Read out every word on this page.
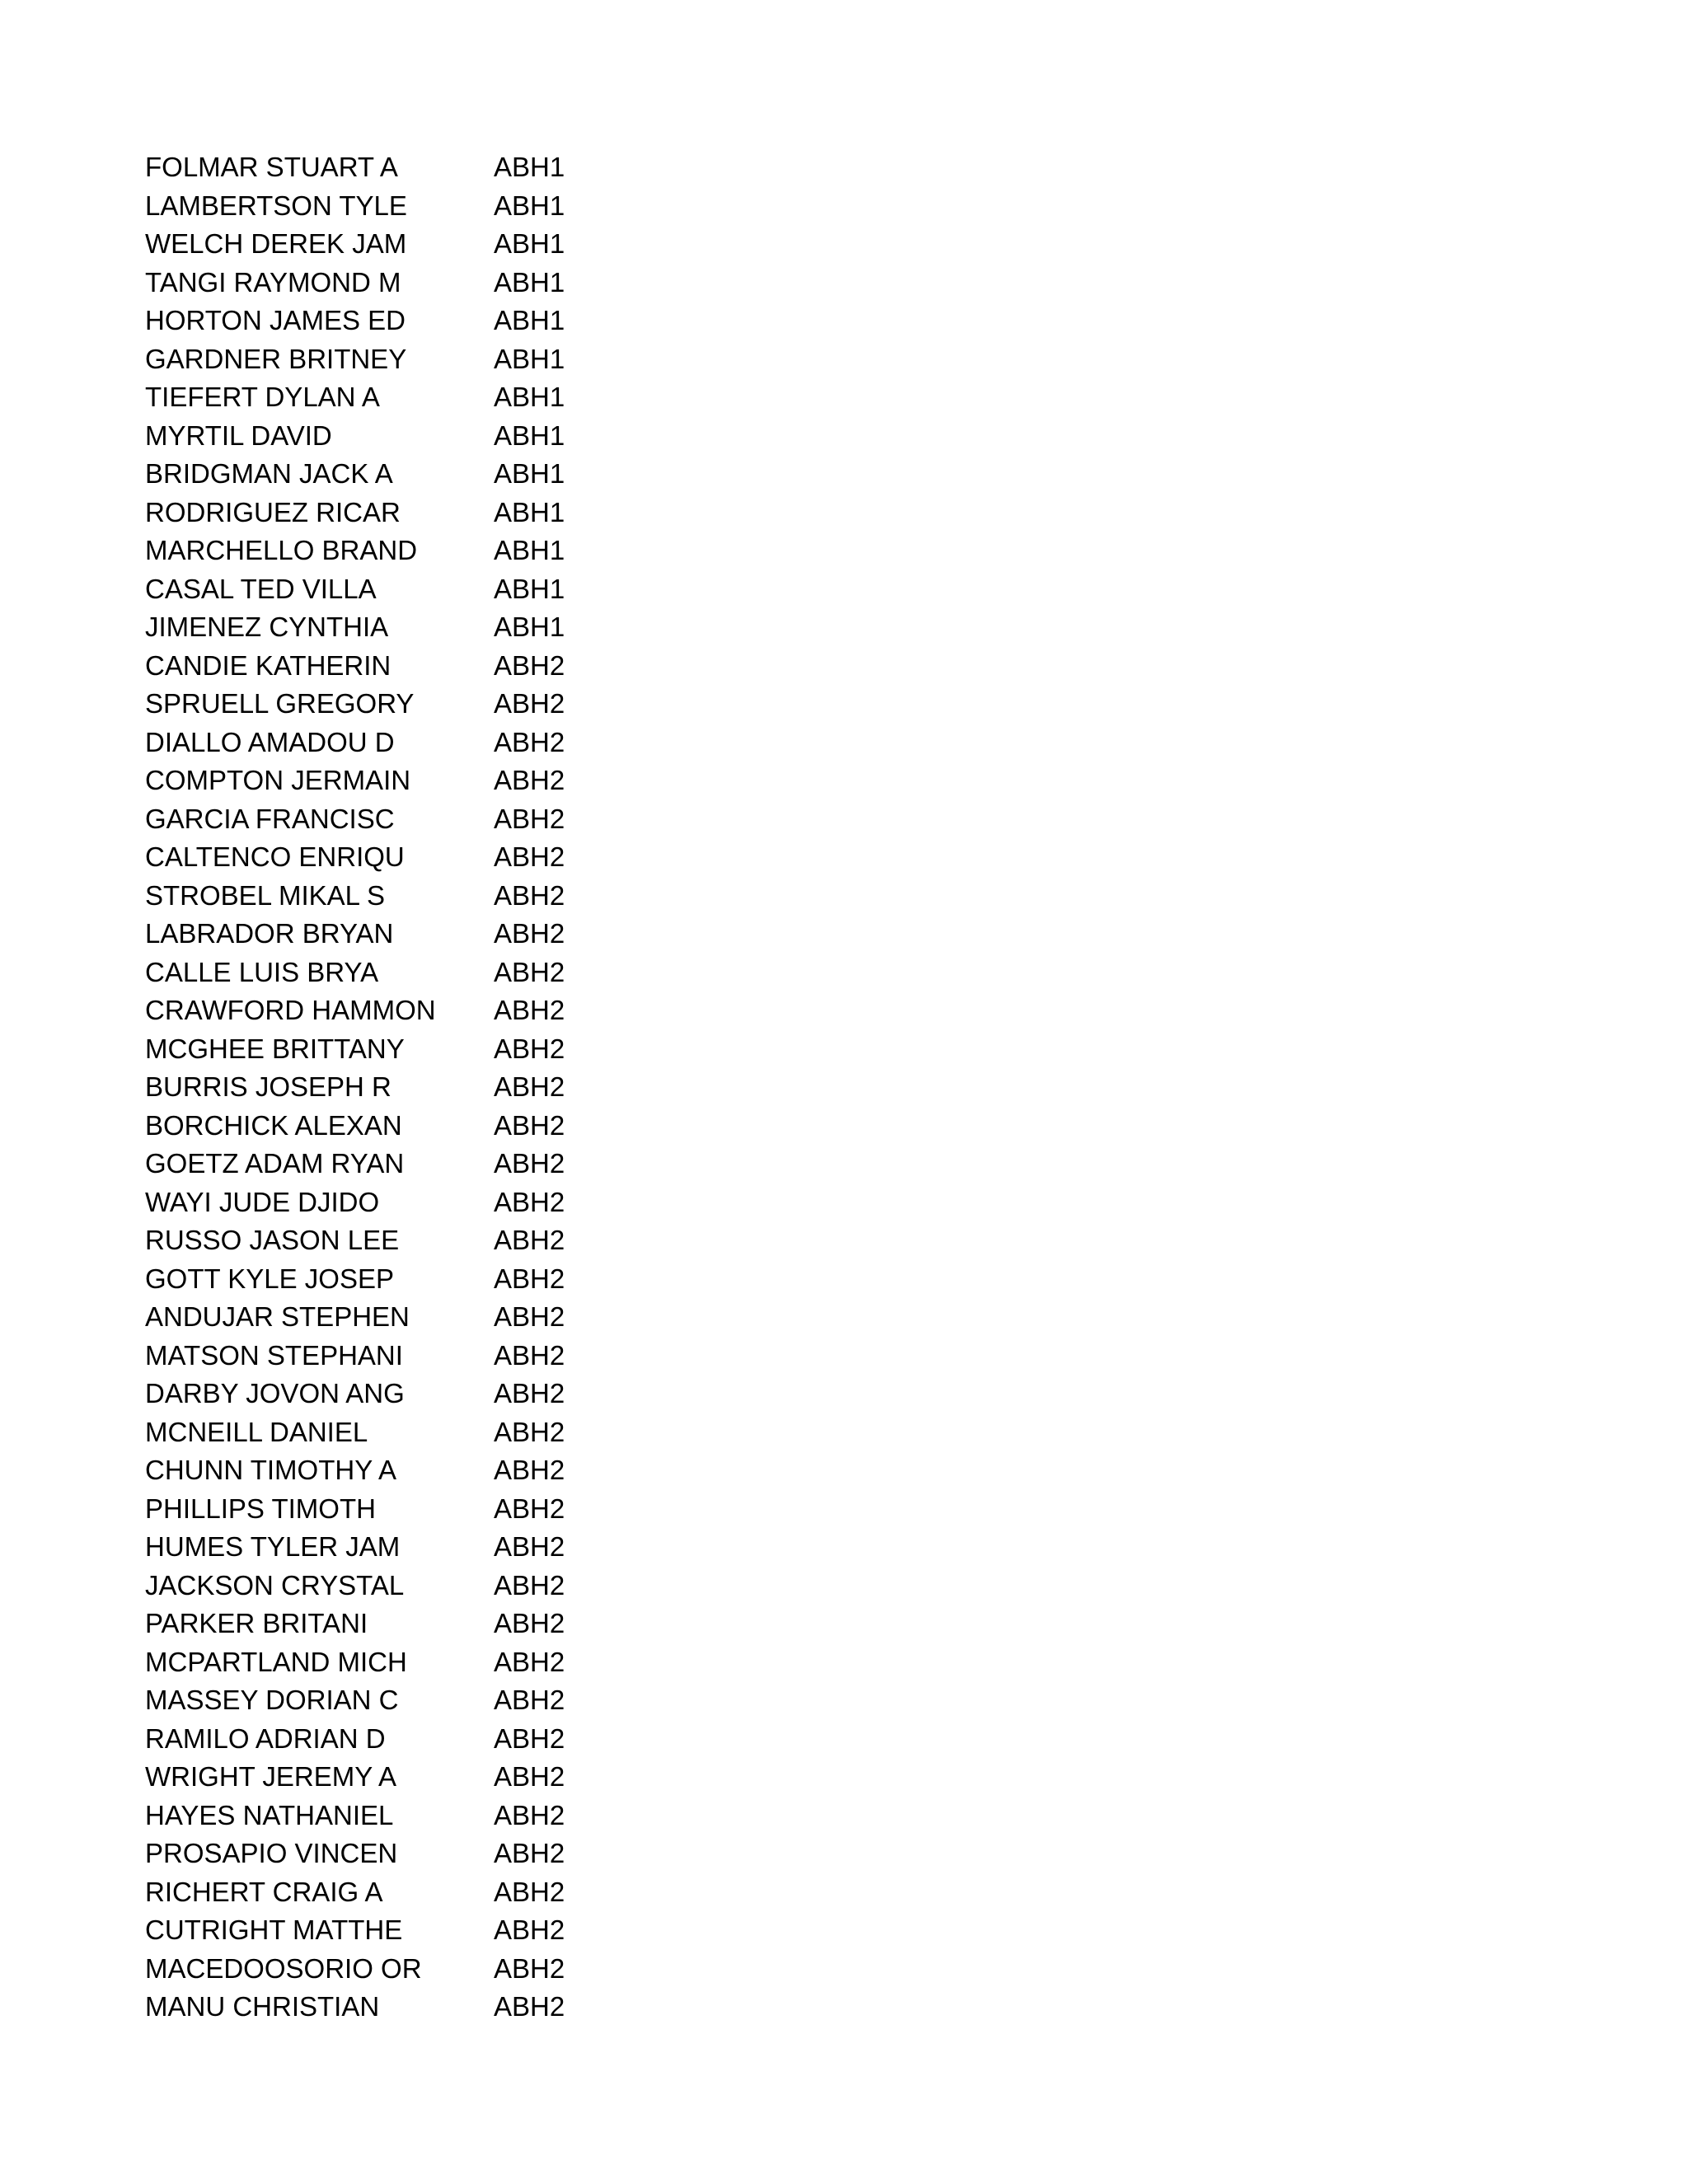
FOLMAR STUART A	ABH1
LAMBERTSON TYLE	ABH1
WELCH DEREK JAM	ABH1
TANGI RAYMOND M	ABH1
HORTON JAMES ED	ABH1
GARDNER BRITNEY	ABH1
TIEFERT DYLAN A	ABH1
MYRTIL DAVID	ABH1
BRIDGMAN JACK A	ABH1
RODRIGUEZ RICAR	ABH1
MARCHELLO BRAND	ABH1
CASAL TED VILLA	ABH1
JIMENEZ CYNTHIA	ABH1
CANDIE KATHERIN	ABH2
SPRUELL GREGORY	ABH2
DIALLO AMADOU D	ABH2
COMPTON JERMAIN	ABH2
GARCIA FRANCISC	ABH2
CALTENCO ENRIQU	ABH2
STROBEL MIKAL S	ABH2
LABRADOR BRYAN	ABH2
CALLE LUIS BRYA	ABH2
CRAWFORD HAMMON ABH2
MCGHEE BRITTANY	ABH2
BURRIS JOSEPH R	ABH2
BORCHICK ALEXAN	ABH2
GOETZ ADAM RYAN	ABH2
WAYI JUDE DJIDO	ABH2
RUSSO JASON LEE	ABH2
GOTT KYLE JOSEP	ABH2
ANDUJAR STEPHEN	ABH2
MATSON STEPHANI	ABH2
DARBY JOVON ANG	ABH2
MCNEILL DANIEL	ABH2
CHUNN TIMOTHY A	ABH2
PHILLIPS TIMOTH	ABH2
HUMES TYLER JAM	ABH2
JACKSON CRYSTAL	ABH2
PARKER BRITANI	ABH2
MCPARTLAND MICH	ABH2
MASSEY DORIAN C	ABH2
RAMILO ADRIAN D	ABH2
WRIGHT JEREMY A	ABH2
HAYES NATHANIEL	ABH2
PROSAPIO VINCEN	ABH2
RICHERT CRAIG A	ABH2
CUTRIGHT MATTHE	ABH2
MACEDOOSORIO OR	ABH2
MANU CHRISTIAN	ABH2
